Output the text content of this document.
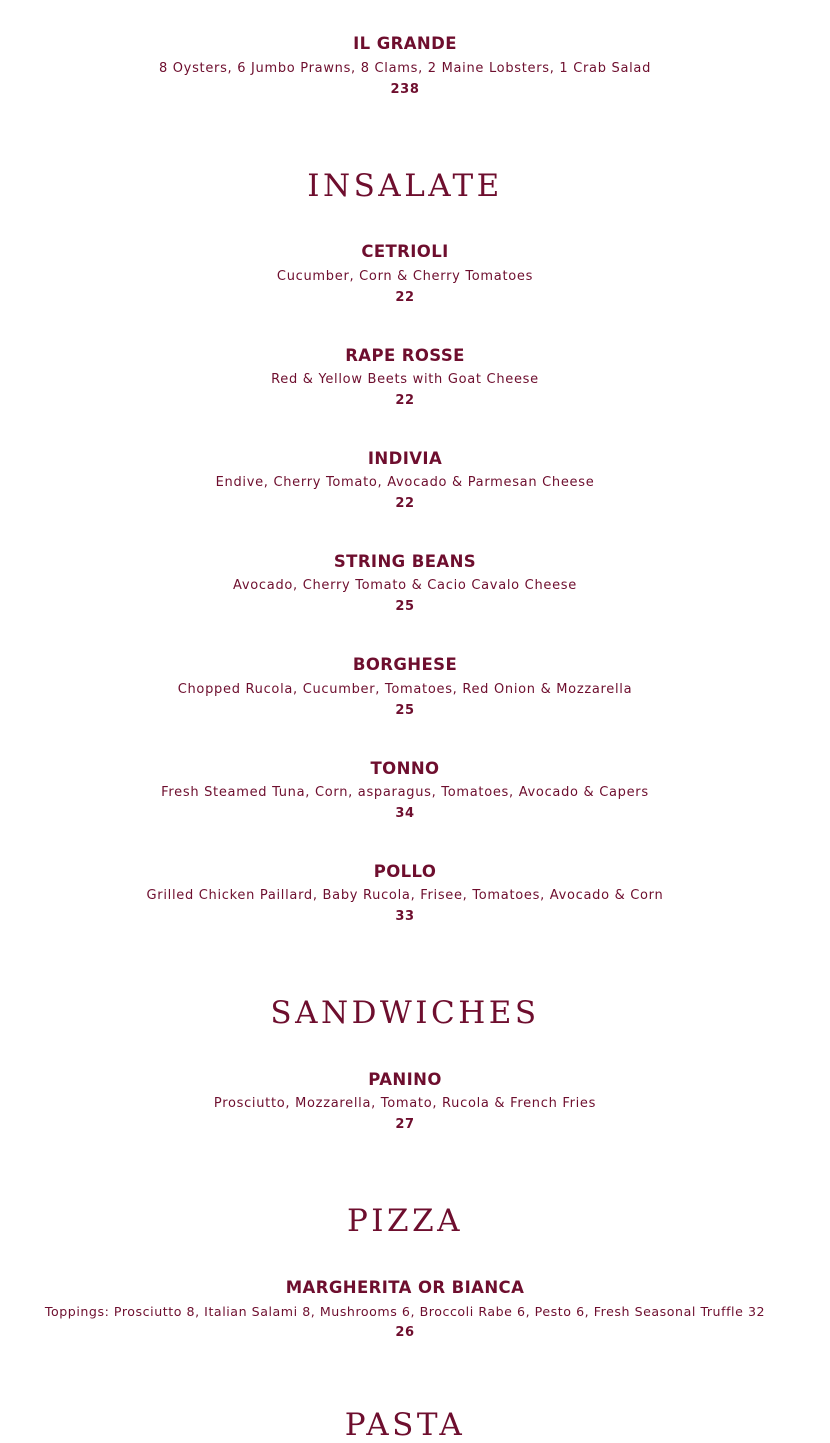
IL GRANDE
8 Oysters, 6 Jumbo Prawns, 8 Clams, 2 Maine Lobsters, 1 Crab Salad
238
INSALATE
CETRIOLI
Cucumber, Corn & Cherry Tomatoes
22
RAPE ROSSE
Red & Yellow Beets with Goat Cheese
22
INDIVIA
Endive, Cherry Tomato, Avocado & Parmesan Cheese
22
STRING BEANS
Avocado, Cherry Tomato & Cacio Cavalo Cheese
25
BORGHESE
Chopped Rucola, Cucumber, Tomatoes, Red Onion & Mozzarella
25
TONNO
Fresh Steamed Tuna, Corn, asparagus, Tomatoes, Avocado & Capers
34
POLLO
Grilled Chicken Paillard, Baby Rucola, Frisee, Tomatoes, Avocado & Corn
33
SANDWICHES
PANINO
Prosciutto, Mozzarella, Tomato, Rucola & French Fries
27
PIZZA
MARGHERITA OR BIANCA
Toppings: Prosciutto 8, Italian Salami 8, Mushrooms 6, Broccoli Rabe 6, Pesto 6, Fresh Seasonal Truffle 32
26
PASTA
